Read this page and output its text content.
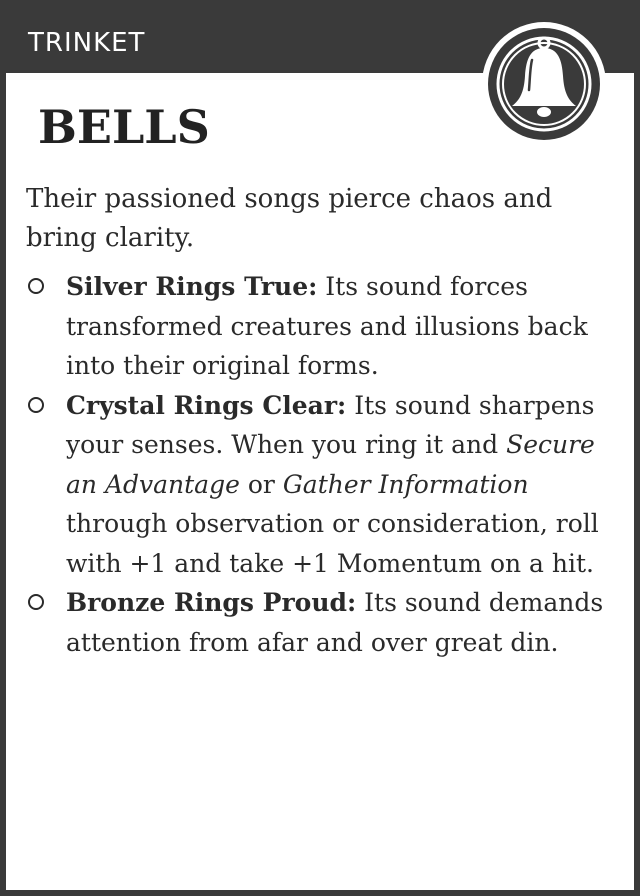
TRINKET
BELLS

Their passioned songs pierce chaos and bring clarity.

Silver Rings True: Its sound forces transformed creatures and illusions back into their original forms.
Crystal Rings Clear: Its sound sharpens your senses. When you ring it and Secure an Advantage or Gather Information through observation or consideration, roll with +1 and take +1 Momentum on a hit.
Bronze Rings Proud: Its sound demands attention from afar and over great din.
